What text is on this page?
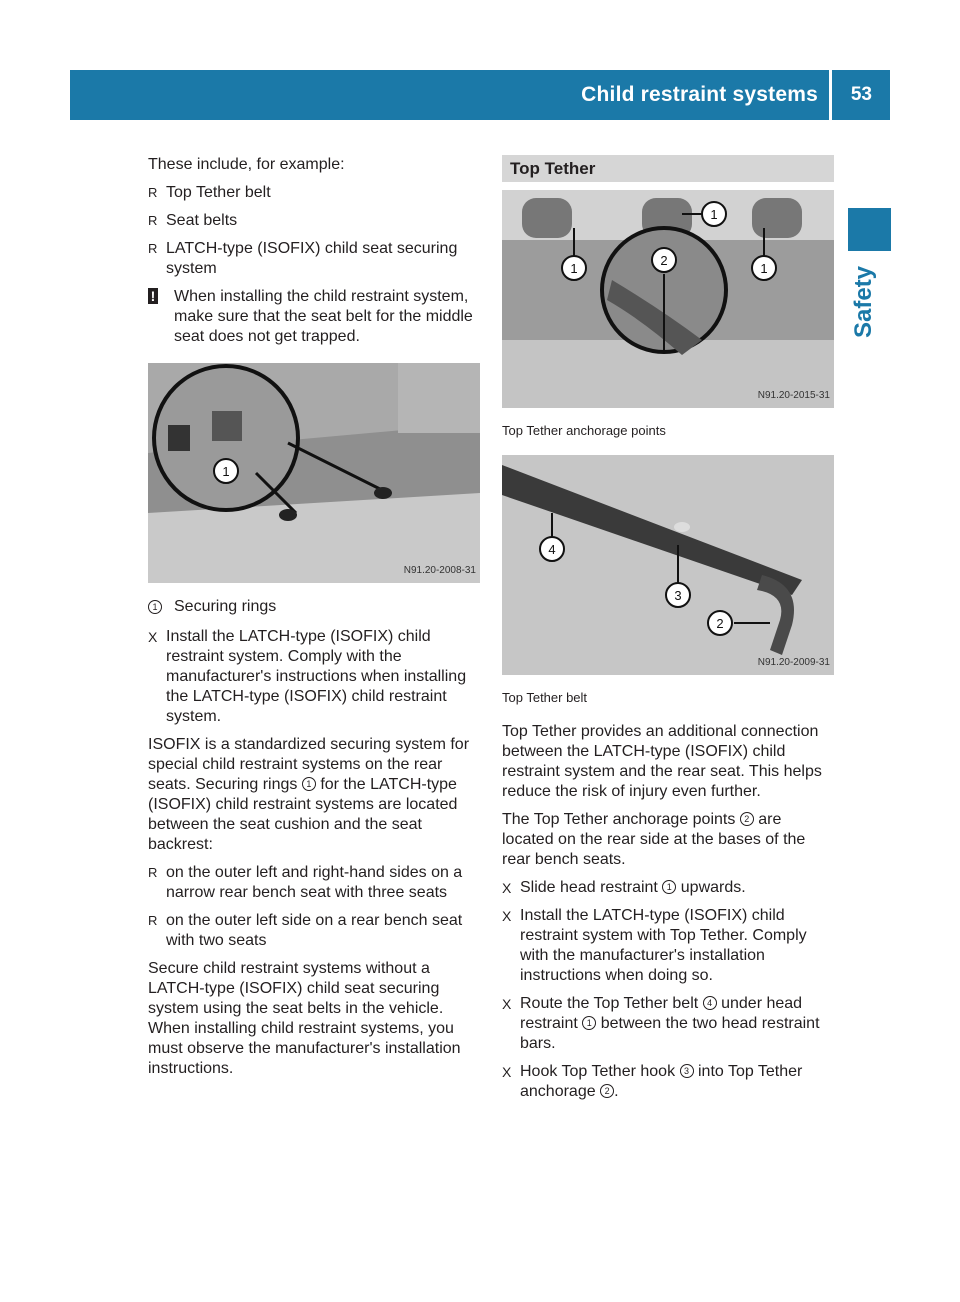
Child restraint systems 53
Safety

These include, for example:

R Top Tether belt
R Seat belts
R LATCH-type (ISOFIX) child seat securing system
!	When installing the child restraint system, make sure that the seat belt for the middle seat does not get trapped.
1
N91.20-2008-31
1 Securing rings
X Install the LATCH-type (ISOFIX) child restraint system. Comply with the manufacturer's instructions when installing the LATCH-type (ISOFIX) child restraint system.

ISOFIX is a standardized securing system for special child restraint systems on the rear seats. Securing rings 1 for the LATCH-type (ISOFIX) child restraint systems are located between the seat cushion and the seat backrest:

R on the outer left and right-hand sides on a narrow rear bench seat with three seats
R on the outer left side on a rear bench seat with two seats

Secure child restraint systems without a LATCH-type (ISOFIX) child seat securing system using the seat belts in the vehicle. When installing child restraint systems, you must observe the manufacturer's installation instructions.

Top Tether
1
1
1
2
N91.20-2015-31
Top Tether anchorage points
4
3
2
N91.20-2009-31
Top Tether belt

Top Tether provides an additional connection between the LATCH-type (ISOFIX) child restraint system and the rear seat. This helps reduce the risk of injury even further.

The Top Tether anchorage points 2 are located on the rear side at the bases of the rear bench seats.

X Slide head restraint 1 upwards.
X Install the LATCH-type (ISOFIX) child restraint system with Top Tether. Comply with the manufacturer's installation instructions when doing so.
X Route the Top Tether belt 4 under head restraint 1 between the two head restraint bars.
X Hook Top Tether hook 3 into Top Tether anchorage 2 .
